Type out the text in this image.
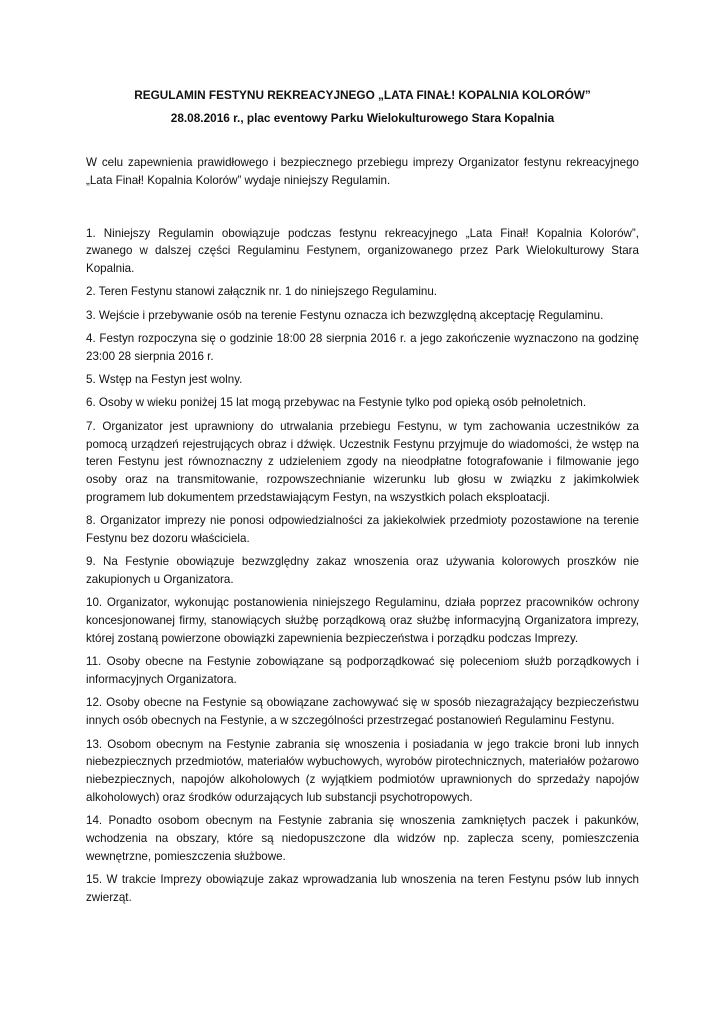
REGULAMIN FESTYNU REKREACYJNEGO „LATA FINAŁ! KOPALNIA KOLORÓW”
28.08.2016 r., plac eventowy Parku Wielokulturowego Stara Kopalnia

W celu zapewnienia prawidłowego i bezpiecznego przebiegu imprezy Organizator festynu rekreacyjnego „Lata Finał! Kopalnia Kolorów” wydaje niniejszy Regulamin.

1. Niniejszy Regulamin obowiązuje podczas festynu rekreacyjnego „Lata Finał! Kopalnia Kolorów”, zwanego w dalszej części Regulaminu Festynem, organizowanego przez Park Wielokulturowy Stara Kopalnia.

2. Teren Festynu stanowi załącznik nr. 1 do niniejszego Regulaminu.

3. Wejście i przebywanie osób na terenie Festynu oznacza ich bezwzględną akceptację Regulaminu.

4. Festyn rozpoczyna się o godzinie 18:00 28 sierpnia 2016 r. a jego zakończenie wyznaczono na godzinę 23:00 28 sierpnia 2016 r.

5. Wstęp na Festyn jest wolny.

6. Osoby w wieku poniżej 15 lat mogą przebywac na Festynie tylko pod opieką osób pełnoletnich.

7. Organizator jest uprawniony do utrwalania przebiegu Festynu, w tym zachowania uczestników za pomocą urządzeń rejestrujących obraz i dźwięk. Uczestnik Festynu przyjmuje do wiadomości, że wstęp na teren Festynu jest równoznaczny z udzieleniem zgody na nieodpłatne fotografowanie i filmowanie jego osoby oraz na transmitowanie, rozpowszechnianie wizerunku lub głosu w związku z jakimkolwiek programem lub dokumentem przedstawiającym Festyn, na wszystkich polach eksploatacji.

8. Organizator imprezy nie ponosi odpowiedzialności za jakiekolwiek przedmioty pozostawione na terenie Festynu bez dozoru właściciela.

9. Na Festynie obowiązuje bezwzględny zakaz wnoszenia oraz używania kolorowych proszków nie zakupionych u Organizatora.

10. Organizator, wykonując postanowienia niniejszego Regulaminu, działa poprzez pracowników ochrony koncesjonowanej firmy, stanowiących służbę porządkową oraz służbę informacyjną Organizatora imprezy, której zostaną powierzone obowiązki zapewnienia bezpieczeństwa i porządku podczas Imprezy.

11. Osoby obecne na Festynie zobowiązane są podporządkować się poleceniom służb porządkowych i informacyjnych Organizatora.

12. Osoby obecne na Festynie są obowiązane zachowywać się w sposób niezagrażający bezpieczeństwu innych osób obecnych na Festynie, a w szczególności przestrzegać postanowień Regulaminu Festynu.

13. Osobom obecnym na Festynie zabrania się wnoszenia i posiadania w jego trakcie broni lub innych niebezpiecznych przedmiotów, materiałów wybuchowych, wyrobów pirotechnicznych, materiałów pożarowo niebezpiecznych, napojów alkoholowych (z wyjątkiem podmiotów uprawnionych do sprzedaży napojów alkoholowych) oraz środków odurzających lub substancji psychotropowych.

14. Ponadto osobom obecnym na Festynie zabrania się wnoszenia zamkniętych paczek i pakunków, wchodzenia na obszary, które są niedopuszczone dla widzów np. zaplecza sceny, pomieszczenia wewnętrzne, pomieszczenia służbowe.

15. W trakcie Imprezy obowiązuje zakaz wprowadzania lub wnoszenia na teren Festynu psów lub innych zwierząt.
